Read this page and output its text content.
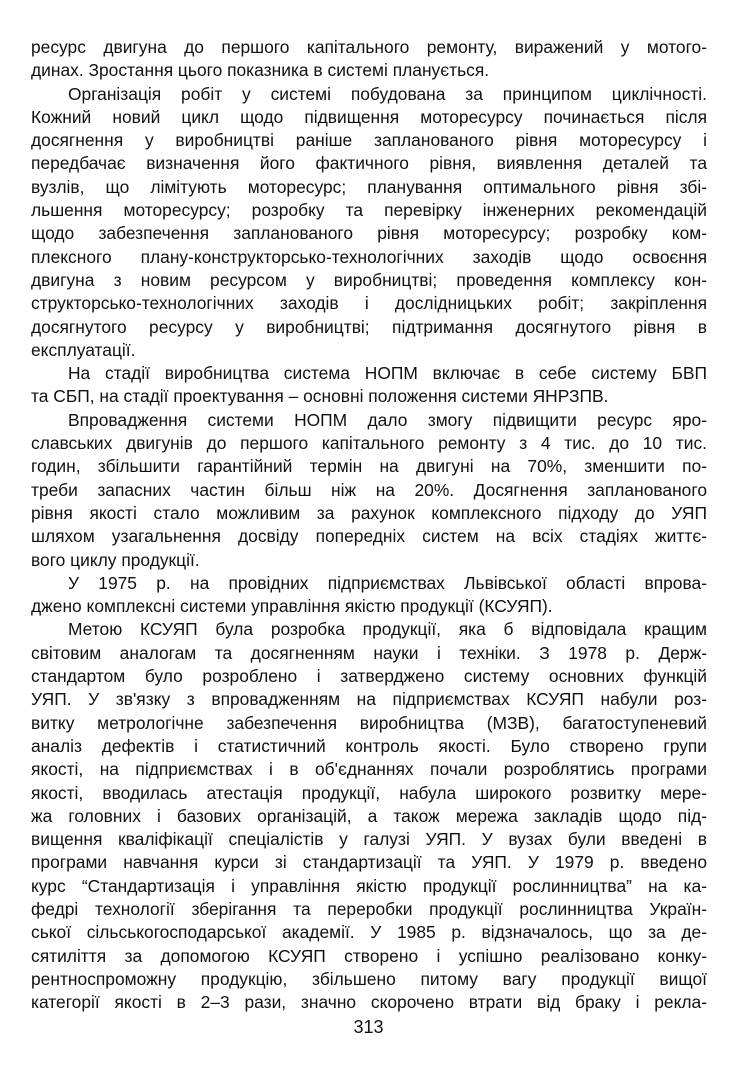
ресурс двигуна до першого капітального ремонту, виражений у мотого-
динах. Зростання цього показника в системі планується.
Організація робіт у системі побудована за принципом циклічності.
Кожний новий цикл щодо підвищення моторесурсу починається після
досягнення у виробництві раніше запланованого рівня моторесурсу і
передбачає визначення його фактичного рівня, виявлення деталей та
вузлів, що лімітують моторесурс; планування оптимального рівня збі-
льшення моторесурсу; розробку та перевірку інженерних рекомендацій
щодо забезпечення запланованого рівня моторесурсу; розробку ком-
плексного плану-конструкторсько-технологічних заходів щодо освоєння
двигуна з новим ресурсом у виробництві; проведення комплексу кон-
структорсько-технологічних заходів і дослідницьких робіт; закріплення
досягнутого ресурсу у виробництві; підтримання досягнутого рівня в
експлуатації.
На стадії виробництва система НОПМ включає в себе систему БВП
та СБП, на стадії проектування – основні положення системи ЯНРЗПВ.
Впровадження системи НОПМ дало змогу підвищити ресурс яро-
славських двигунів до першого капітального ремонту з 4 тис. до 10 тис.
годин, збільшити гарантійний термін на двигуні на 70%, зменшити по-
треби запасних частин більш ніж на 20%. Досягнення запланованого
рівня якості стало можливим за рахунок комплексного підходу до УЯП
шляхом узагальнення досвіду попередніх систем на всіх стадіях життє-
вого циклу продукції.
У 1975 р. на провідних підприємствах Львівської області впрова-
джено комплексні системи управління якістю продукції (КСУЯП).
Метою КСУЯП була розробка продукції, яка б відповідала кращим
світовим аналогам та досягненням науки і техніки. З 1978 р. Держ-
стандартом було розроблено і затверджено систему основних функцій
УЯП. У зв'язку з впровадженням на підприємствах КСУЯП набули роз-
витку метрологічне забезпечення виробництва (МЗВ), багатоступеневий
аналіз дефектів і статистичний контроль якості. Було створено групи
якості, на підприємствах і в об'єднаннях почали розроблятись програми
якості, вводилась атестація продукції, набула широкого розвитку мере-
жа головних і базових організацій, а також мережа закладів щодо під-
вищення кваліфікації спеціалістів у галузі УЯП. У вузах були введені в
програми навчання курси зі стандартизації та УЯП. У 1979 р. введено
курс “Стандартизація і управління якістю продукції рослинництва” на ка-
федрі технології зберігання та переробки продукції рослинництва Україн-
ської сільськогосподарської академії. У 1985 р. відзначалось, що за де-
сятиліття за допомогою КСУЯП створено і успішно реалізовано конку-
рентноспроможну продукцію, збільшено питому вагу продукції вищої
категорії якості в 2–3 рази, значно скорочено втрати від браку і рекла-
313
